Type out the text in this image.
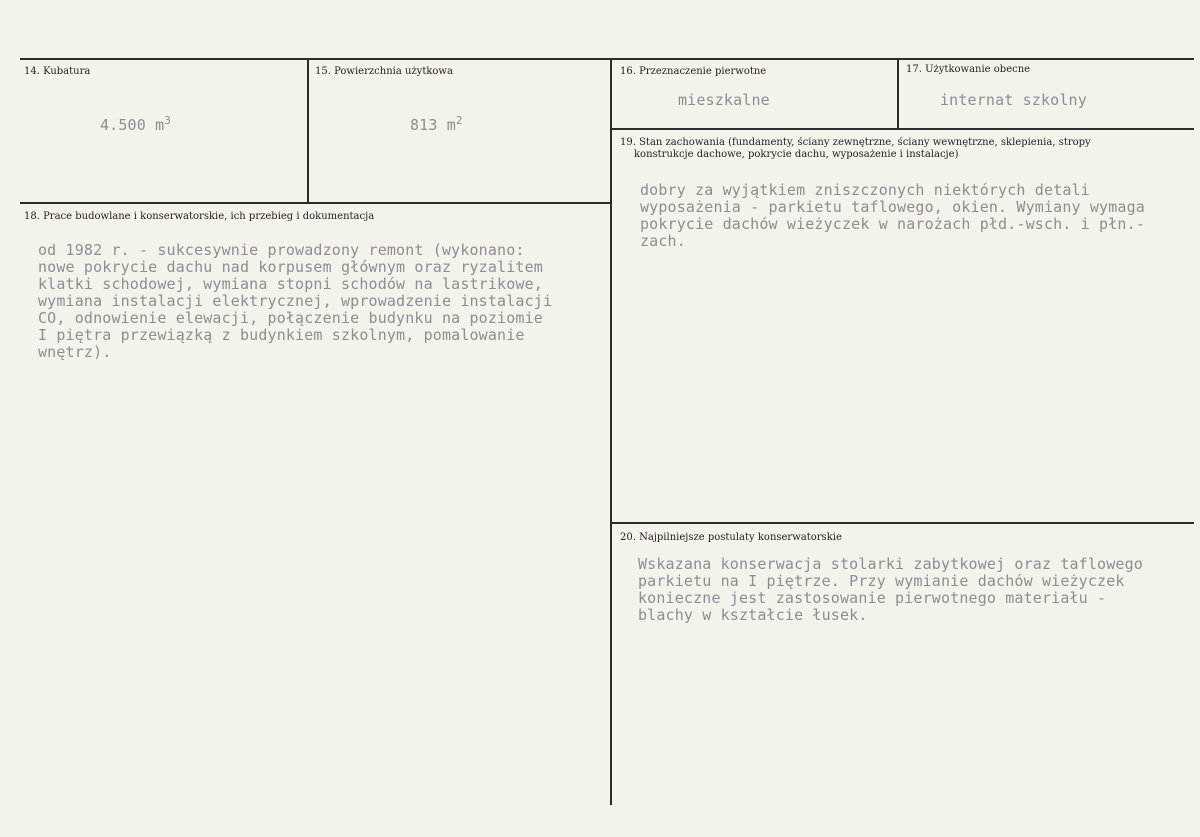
14. Kubatura
4.500 $m^3$
15. Powierzchnia użytkowa
813 $m^2$
16. Przeznaczenie pierwotne
mieszkalne
17. Użytkowanie obecne
internat szkolny
18. Prace budowlane i konserwatorskie, ich przebieg i dokumentacja
od 1982 r. - sukcesywnie prowadzony remont (wykonano:
nowe pokrycie dachu nad korpusem głównym oraz ryzalitem
klatki schodowej, wymiana stopni schodów na lastrikowe,
wymiana instalacji elektrycznej, wprowadzenie instalacji
CO, odnowienie elewacji, połączenie budynku na poziomie
I piętra przewiązką z budynkiem szkolnym, pomalowanie
wnętrz).
19. Stan zachowania (fundamenty, ściany zewnętrzne, ściany wewnętrzne, sklepienia, stropy
konstrukcje dachowe, pokrycie dachu, wyposażenie i instalacje)
dobry za wyjątkiem zniszczonych niektórych detali
wyposażenia - parkietu taflowego, okien. Wymiany wymaga
pokrycie dachów wieżyczek w narożach płd.-wsch. i płn.-
zach.
20. Najpilniejsze postulaty konserwatorskie
Wskazana konserwacja stolarki zabytkowej oraz taflowego
parkietu na I piętrze. Przy wymianie dachów wieżyczek
konieczne jest zastosowanie pierwotnego materiału -
blachy w kształcie łusek.
